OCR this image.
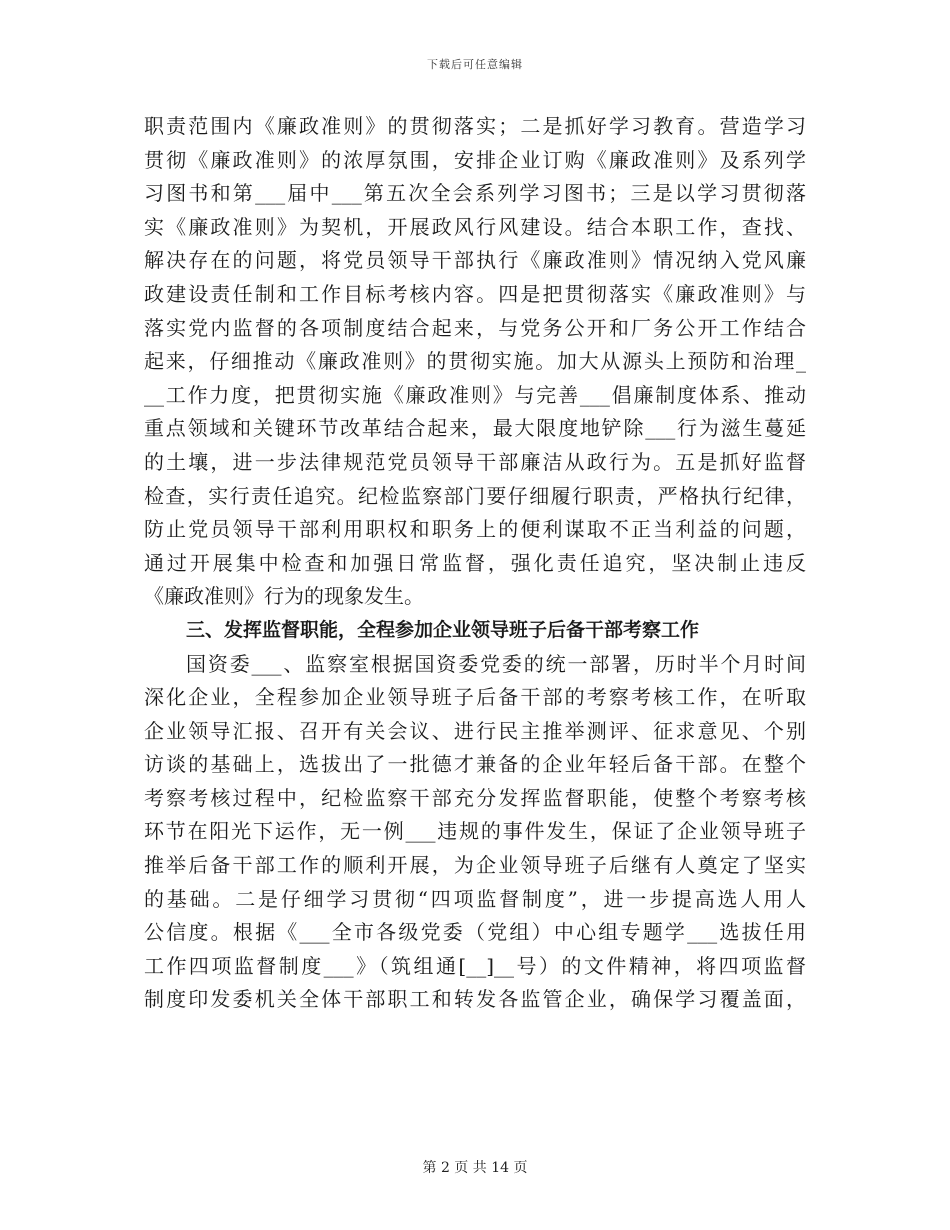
下载后可任意编辑
职责范围内《廉政准则》的贯彻落实；二是抓好学习教育。营造学习
贯彻《廉政准则》的浓厚氛围，安排企业订购《廉政准则》及系列学
习图书和第___届中___第五次全会系列学习图书；三是以学习贯彻落
实《廉政准则》为契机，开展政风行风建设。结合本职工作，查找、
解决存在的问题，将党员领导干部执行《廉政准则》情况纳入党风廉
政建设责任制和工作目标考核内容。四是把贯彻落实《廉政准则》与
落实党内监督的各项制度结合起来，与党务公开和厂务公开工作结合
起来，仔细推动《廉政准则》的贯彻实施。加大从源头上预防和治理_
__工作力度，把贯彻实施《廉政准则》与完善___倡廉制度体系、推动
重点领域和关键环节改革结合起来，最大限度地铲除___行为滋生蔓延
的土壤，进一步法律规范党员领导干部廉洁从政行为。五是抓好监督
检查，实行责任追究。纪检监察部门要仔细履行职责，严格执行纪律，
防止党员领导干部利用职权和职务上的便利谋取不正当利益的问题，
通过开展集中检查和加强日常监督，强化责任追究，坚决制止违反
《廉政准则》行为的现象发生。
三、发挥监督职能，全程参加企业领导班子后备干部考察工作
国资委___、监察室根据国资委党委的统一部署，历时半个月时间
深化企业，全程参加企业领导班子后备干部的考察考核工作，在听取
企业领导汇报、召开有关会议、进行民主推举测评、征求意见、个别
访谈的基础上，选拔出了一批德才兼备的企业年轻后备干部。在整个
考察考核过程中，纪检监察干部充分发挥监督职能，使整个考察考核
环节在阳光下运作，无一例___违规的事件发生，保证了企业领导班子
推举后备干部工作的顺利开展，为企业领导班子后继有人奠定了坚实
的基础。二是仔细学习贯彻“四项监督制度”，进一步提高选人用人
公信度。根据《___全市各级党委（党组）中心组专题学___选拔任用
工作四项监督制度___》（筑组通[__]__号）的文件精神，将四项监督
制度印发委机关全体干部职工和转发各监管企业，确保学习覆盖面，
第 2 页 共 14 页
